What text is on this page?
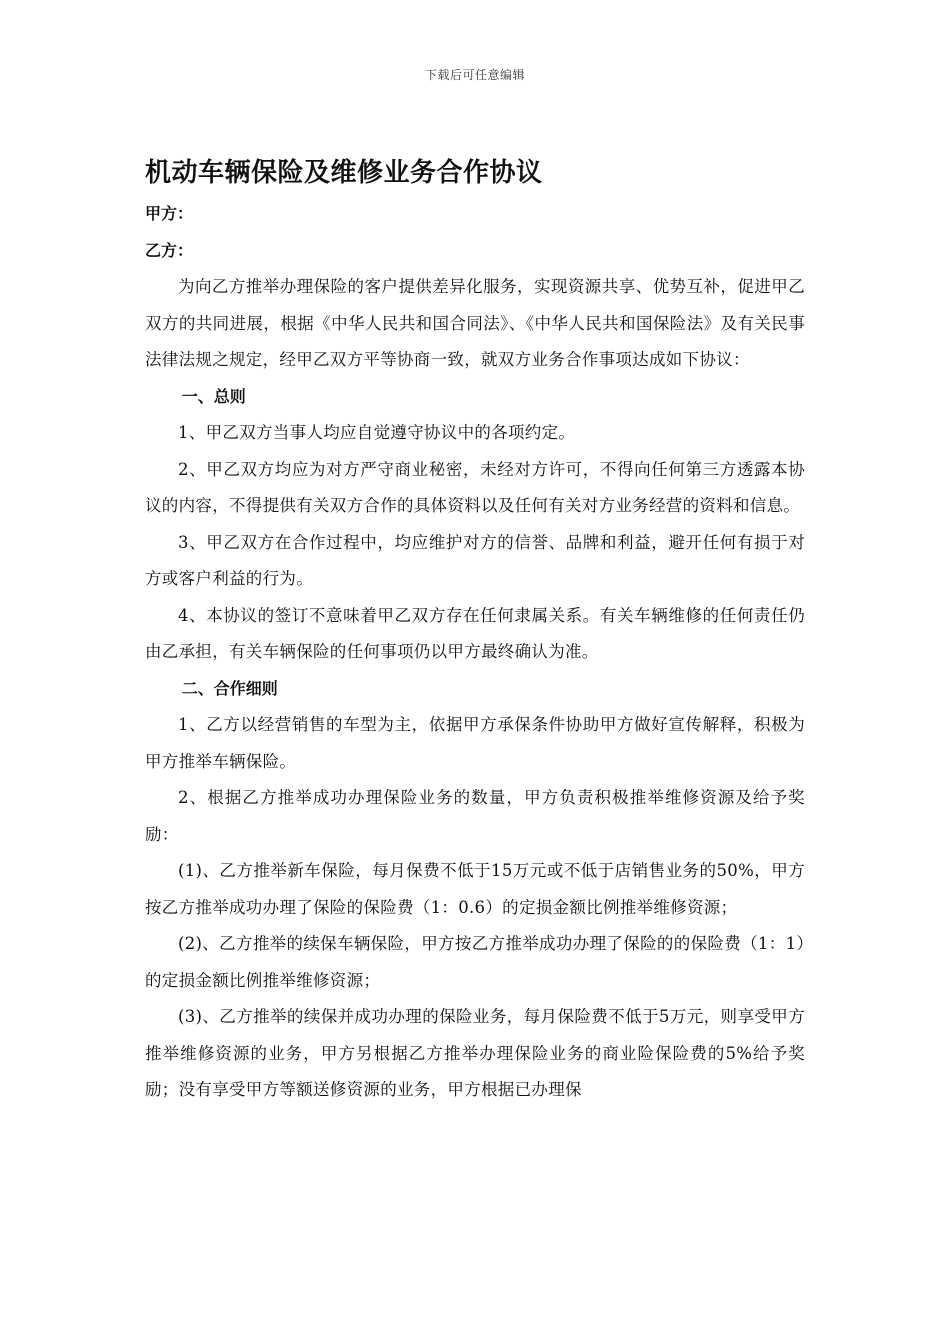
下载后可任意编辑
机动车辆保险及维修业务合作协议

甲方：

乙方：

为向乙方推举办理保险的客户提供差异化服务，实现资源共享、优势互补，促进甲乙双方的共同进展，根据《中华人民共和国合同法》、《中华人民共和国保险法》及有关民事法律法规之规定，经甲乙双方平等协商一致，就双方业务合作事项达成如下协议：

一、总则

1、甲乙双方当事人均应自觉遵守协议中的各项约定。

2、甲乙双方均应为对方严守商业秘密，未经对方许可，不得向任何第三方透露本协议的内容，不得提供有关双方合作的具体资料以及任何有关对方业务经营的资料和信息。

3、甲乙双方在合作过程中，均应维护对方的信誉、品牌和利益，避开任何有损于对方或客户利益的行为。

4、本协议的签订不意味着甲乙双方存在任何隶属关系。有关车辆维修的任何责任仍由乙承担，有关车辆保险的任何事项仍以甲方最终确认为准。

二、合作细则

1、乙方以经营销售的车型为主，依据甲方承保条件协助甲方做好宣传解释，积极为甲方推举车辆保险。

2、根据乙方推举成功办理保险业务的数量，甲方负责积极推举维修资源及给予奖励：

(1)、乙方推举新车保险，每月保费不低于15万元或不低于店销售业务的50%，甲方按乙方推举成功办理了保险的保险费（1：0.6）的定损金额比例推举维修资源；

(2)、乙方推举的续保车辆保险，甲方按乙方推举成功办理了保险的的保险费（1：1）的定损金额比例推举维修资源；

(3)、乙方推举的续保并成功办理的保险业务，每月保险费不低于5万元，则享受甲方推举维修资源的业务，甲方另根据乙方推举办理保险业务的商业险保险费的5%给予奖励；没有享受甲方等额送修资源的业务，甲方根据已办理保
